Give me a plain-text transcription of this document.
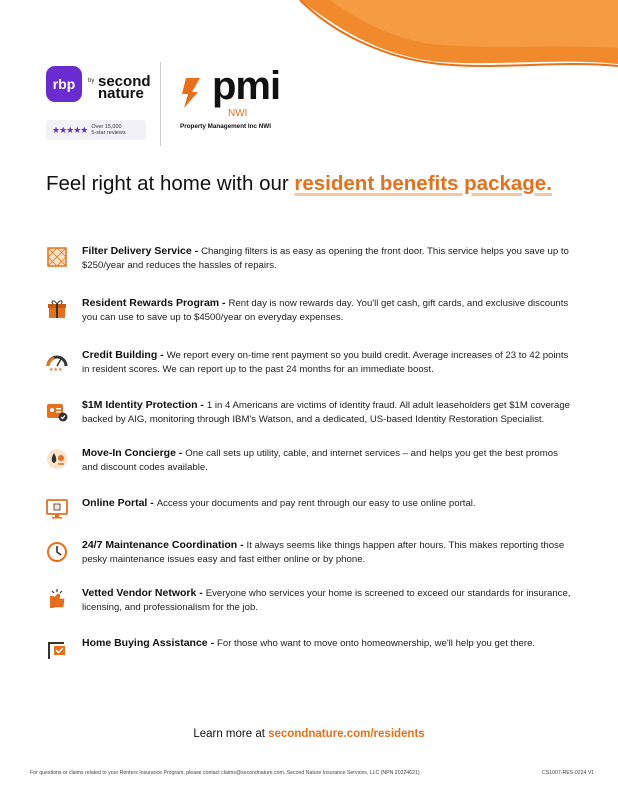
rbp	by second nature
★★★★★ Over 15,000
5-star reviews
pmi
NWI
Property Management Inc NWI
Feel right at home with our resident benefits package.
Filter Delivery Service - Changing filters is as easy as opening the front door. This service helps you save up to $250/year and reduces the hassles of repairs.
Resident Rewards Program - Rent day is now rewards day. You'll get cash, gift cards, and exclusive discounts you can use to save up to $4500/year on everyday expenses.
★★★
Credit Building - We report every on-time rent payment so you build credit. Average increases of 23 to 42 points in resident scores. We can report up to the past 24 months for an immediate boost.
$1M Identity Protection - 1 in 4 Americans are victims of identity fraud. All adult leaseholders get $1M coverage backed by AIG, monitoring through IBM's Watson, and a dedicated, US-based Identity Restoration Specialist.
Move-In Concierge - One call sets up utility, cable, and internet services – and helps you get the best promos and discount codes available.
Online Portal - Access your documents and pay rent through our easy to use online portal.
24/7 Maintenance Coordination - It always seems like things happen after hours. This makes reporting those pesky maintenance issues easy and fast either online or by phone.
Vetted Vendor Network - Everyone who services your home is screened to exceed our standards for insurance, licensing, and professionalism for the job.
Home Buying Assistance - For those who want to move onto homeownership, we'll help you get there.
Learn more at secondnature.com/residents
For questions or claims related to your Renters Insurance Program, please contact claims@secondnature.com. Second Nature Insurance Services, LLC (NPN 20224621)	CS1007-RES-0224 V1
